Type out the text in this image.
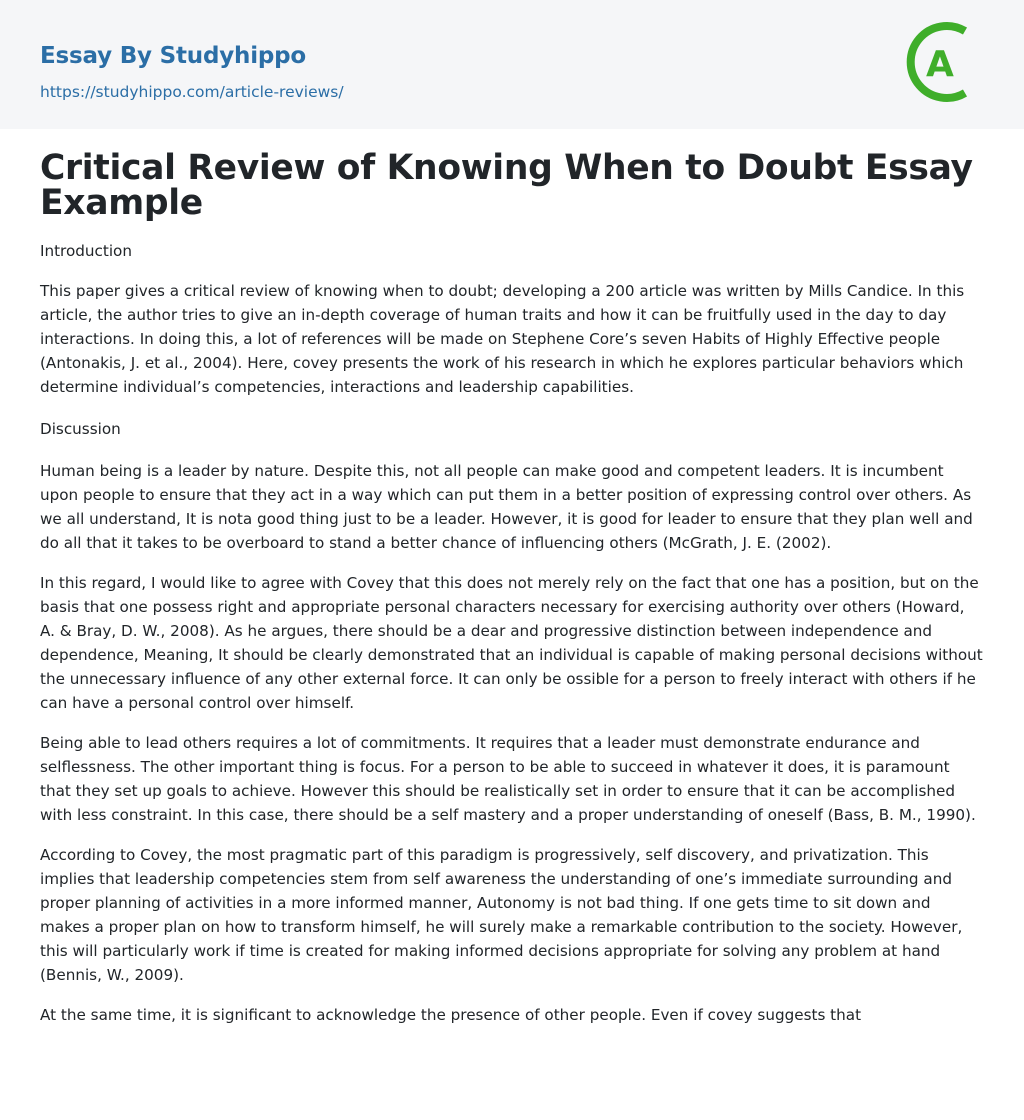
Essay By Studyhippo
https://studyhippo.com/article-reviews/
A
Critical Review of Knowing When to Doubt Essay Example

Introduction

This paper gives a critical review of knowing when to doubt; developing a 200 article was written by Mills Candice. In this article, the author tries to give an in-depth coverage of human traits and how it can be fruitfully used in the day to day interactions. In doing this, a lot of references will be made on Stephene Core’s seven Habits of Highly Effective people (Antonakis, J. et al., 2004). Here, covey presents the work of his research in which he explores particular behaviors which determine individual’s competencies, interactions and leadership capabilities.

Discussion

Human being is a leader by nature. Despite this, not all people can make good and competent leaders. It is incumbent upon people to ensure that they act in a way which can put them in a better position of expressing control over others. As we all understand, It is nota good thing just to be a leader. However, it is good for leader to ensure that they plan well and do all that it takes to be overboard to stand a better chance of influencing others (McGrath, J. E. (2002).

In this regard, I would like to agree with Covey that this does not merely rely on the fact that one has a position, but on the basis that one possess right and appropriate personal characters necessary for exercising authority over others (Howard, A. & Bray, D. W., 2008). As he argues, there should be a dear and progressive distinction between independence and dependence, Meaning, It should be clearly demonstrated that an individual is capable of making personal decisions without the unnecessary influence of any other external force. It can only be ossible for a person to freely interact with others if he can have a personal control over himself.

Being able to lead others requires a lot of commitments. It requires that a leader must demonstrate endurance and selflessness. The other important thing is focus. For a person to be able to succeed in whatever it does, it is paramount that they set up goals to achieve. However this should be realistically set in order to ensure that it can be accomplished with less constraint. In this case, there should be a self mastery and a proper understanding of oneself (Bass, B. M., 1990).

According to Covey, the most pragmatic part of this paradigm is progressively, self discovery, and privatization. This implies that leadership competencies stem from self awareness the understanding of one’s immediate surrounding and proper planning of activities in a more informed manner, Autonomy is not bad thing. If one gets time to sit down and makes a proper plan on how to transform himself, he will surely make a remarkable contribution to the society. However, this will particularly work if time is created for making informed decisions appropriate for solving any problem at hand (Bennis, W., 2009).

At the same time, it is significant to acknowledge the presence of other people. Even if covey suggests that
